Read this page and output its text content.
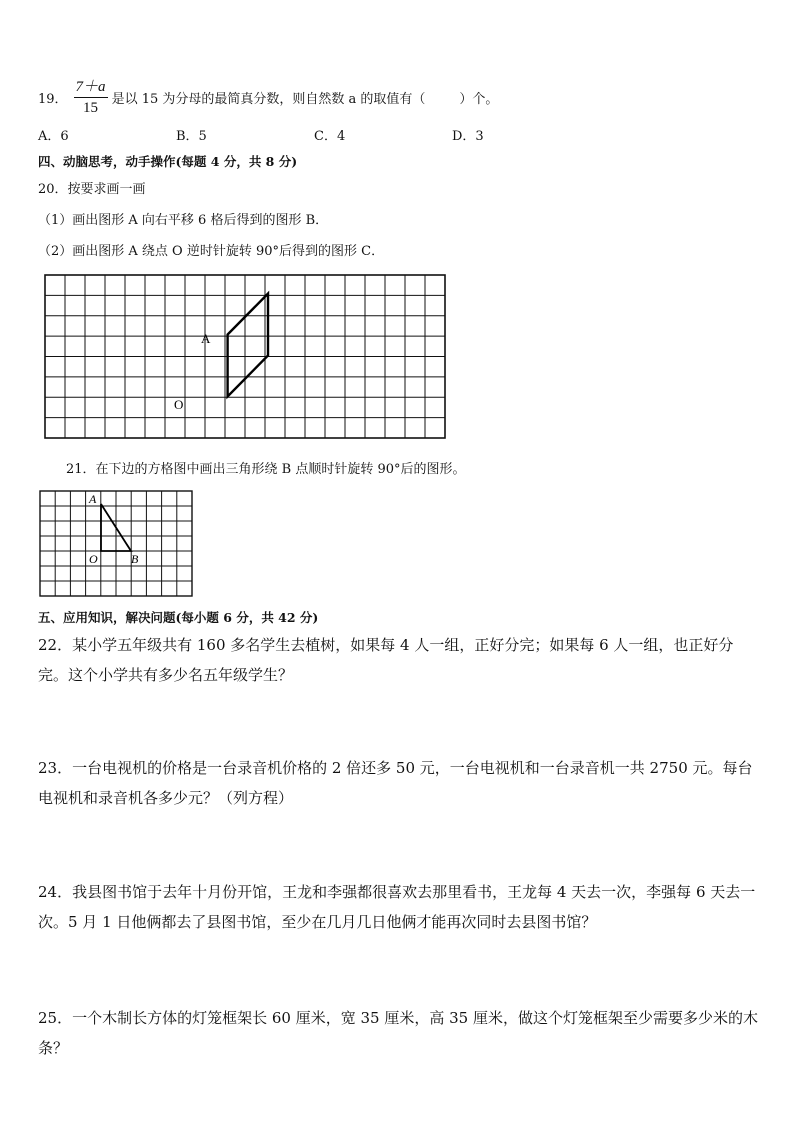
19． $\frac{7+a}{15}$ 是以 15 为分母的最简真分数，则自然数 a 的取值有（	）个。
A．6	B．5	C．4	D．3
四、动脑思考，动手操作(每题 4 分，共 8 分)
20．按要求画一画
（1）画出图形 A 向右平移 6 格后得到的图形 B．
（2）画出图形 A 绕点 O 逆时针旋转 90°后得到的图形 C．
A
O
21．在下边的方格图中画出三角形绕 B 点顺时针旋转 90°后的图形。
A
O	B
五、应用知识，解决问题(每小题 6 分，共 42 分)
22．某小学五年级共有 160 多名学生去植树，如果每 4 人一组，正好分完；如果每 6 人一组，也正好分完。这个小学共有多少名五年级学生？
23．一台电视机的价格是一台录音机价格的 2 倍还多 50 元，一台电视机和一台录音机一共 2750 元。每台电视机和录音机各多少元？（列方程）
24．我县图书馆于去年十月份开馆，王龙和李强都很喜欢去那里看书，王龙每 4 天去一次，李强每 6 天去一次。5 月 1 日他俩都去了县图书馆，至少在几月几日他俩才能再次同时去县图书馆？
25．一个木制长方体的灯笼框架长 60 厘米，宽 35 厘米，高 35 厘米，做这个灯笼框架至少需要多少米的木条？
